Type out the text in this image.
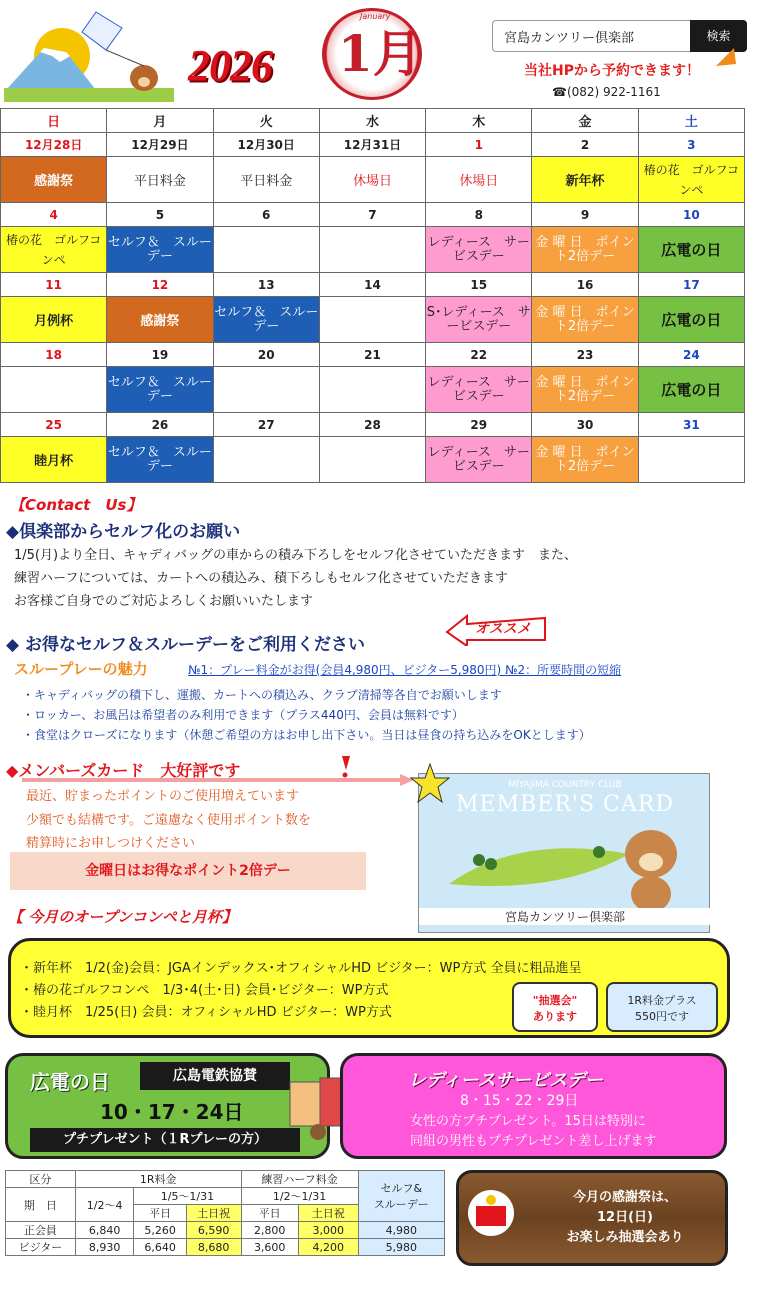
2026
January
1月	宮島カンツリー倶楽部	検索
当社HPから予約できます！
☎(082) 922-1161
日	月	火	水	木	金	土
12月28日	12月29日	12月30日	12月31日	1	2	3
感謝祭	平日料金	平日料金	休場日	休場日	新年杯	椿の花　ゴルフコンペ
4	5	6	7	8	9	10
椿の花　ゴルフコンペ	セルフ＆　スルーデー			レディース　サービスデー	金 曜 日　ポイント2倍デー	広電の日
11	12	13	14	15	16	17
月例杯	感謝祭	セルフ＆　スルーデー		S･レディース　サービスデー	金 曜 日　ポイント2倍デー	広電の日
18	19	20	21	22	23	24
	セルフ＆　スルーデー			レディース　サービスデー	金 曜 日　ポイント2倍デー	広電の日
25	26	27	28	29	30	31
睦月杯	セルフ＆　スルーデー			レディース　サービスデー	金 曜 日　ポイント2倍デー	
【Contact　Us】
◆倶楽部からセルフ化のお願い
1/5(月)より全日、キャディバッグの車からの積み下ろしをセルフ化させていただきます　また、
練習ハーフについては、カートへの積込み、積下ろしもセルフ化させていただきます
お客様ご自身でのご対応よろしくお願いいたします
◆ お得なセルフ＆スルーデーをご利用ください
オススメ
スループレーの魅力	№1：プレー料金がお得(会員4,980円、ビジター5,980円) №2：所要時間の短縮
・キャディバッグの積下し、運搬、カートへの積込み、クラブ清掃等各自でお願いします
・ロッカー、お風呂は希望者のみ利用できます（プラス440円、会員は無料です）
・食堂はクローズになります（休憩ご希望の方はお申し出下さい。当日は昼食の持ち込みをOKとします）
◆メンバーズカード　大好評です
最近、貯まったポイントのご使用増えています
少額でも結構です。ご遠慮なく使用ポイント数を
精算時にお申しつけください
金曜日はお得なポイント2倍デー
MIYAJIMA COUNTRY CLUB
MEMBER'S CARD
宮島カンツリー倶楽部
【 今月のオープンコンペと月杯】
・新年杯　1/2(金)会員：JGAインデックス･オフィシャルHD ビジター：WP方式 全員に粗品進呈
・椿の花ゴルフコンペ　1/3･4(土･日) 会員･ビジター：WP方式
・睦月杯　1/25(日) 会員：オフィシャルHD ビジター：WP方式
"抽選会"
あります
1R料金プラス
550円です
広電の日	広島電鉄協賛
10・17・24日
プチプレゼント（１Rプレーの方）
レディースサービスデー
8・15・22・29日
女性の方プチプレゼント。15日は特別に
同組の男性もプチプレゼント差し上げます
区分	1R料金			練習ハーフ料金		セルフ&
スルーデー

期　日	1/2～4	1/5～1/31		1/2～1/31		
		平日	土日祝	平日	土日祝	
正会員	6,840	5,260	6,590	2,800	3,000	4,980
ビジター	8,930	6,640	8,680	3,600	4,200	5,980
今月の感謝祭は、
12日(日)
お楽しみ抽選会あり
